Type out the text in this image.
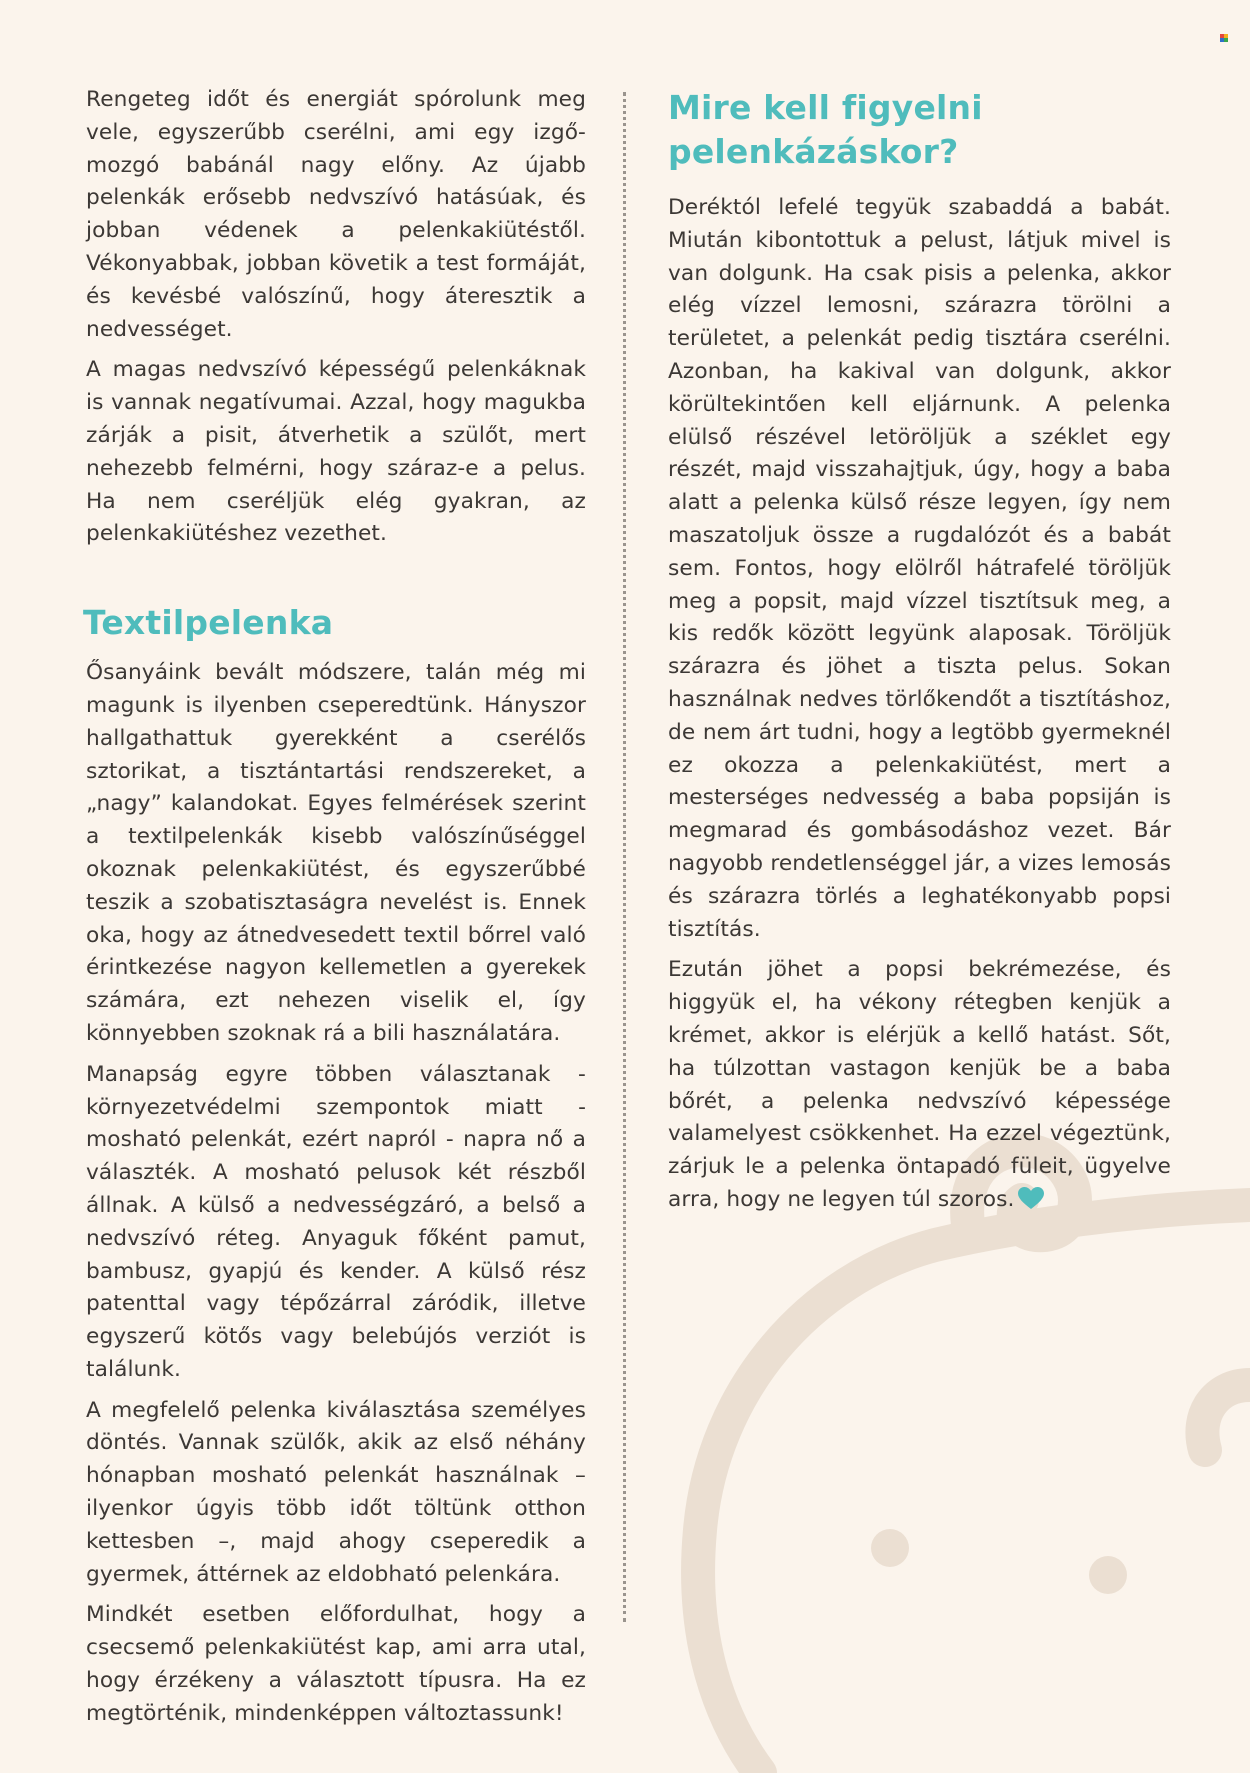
Rengeteg időt és energiát spórolunk meg vele, egyszerűbb cserélni, ami egy izgő-mozgó babánál nagy előny. Az újabb pelenkák erősebb nedvszívó hatásúak, és jobban védenek a pelenkakiütéstől. Vékonyabbak, jobban követik a test formáját, és kevésbé valószínű, hogy áteresztik a nedvességet.

A magas nedvszívó képességű pelenkáknak is vannak negatívumai. Azzal, hogy magukba zárják a pisit, átverhetik a szülőt, mert nehezebb felmérni, hogy száraz-e a pelus. Ha nem cseréljük elég gyakran, az pelenkakiütéshez vezethet.

Textilpelenka

Ősanyáink bevált módszere, talán még mi magunk is ilyenben cseperedtünk. Hányszor hallgathattuk gyerekként a cserélős sztorikat, a tisztántartási rendszereket, a „nagy” kalandokat. Egyes felmérések szerint a textilpelenkák kisebb valószínűséggel okoznak pelenkakiütést, és egyszerűbbé teszik a szobatisztaságra nevelést is. Ennek oka, hogy az átnedvesedett textil bőrrel való érintkezése nagyon kellemetlen a gyerekek számára, ezt nehezen viselik el, így könnyebben szoknak rá a bili használatára.

Manapság egyre többen választanak - környezetvédelmi szempontok miatt - mosható pelenkát, ezért napról - napra nő a választék. A mosható pelusok két részből állnak. A külső a nedvességzáró, a belső a nedvszívó réteg. Anyaguk főként pamut, bambusz, gyapjú és kender. A külső rész patenttal vagy tépőzárral záródik, illetve egyszerű kötős vagy belebújós verziót is találunk.

A megfelelő pelenka kiválasztása személyes döntés. Vannak szülők, akik az első néhány hónapban mosható pelenkát használnak – ilyenkor úgyis több időt töltünk otthon kettesben –, majd ahogy cseperedik a gyermek, áttérnek az eldobható pelenkára.

Mindkét esetben előfordulhat, hogy a csecsemő pelenkakiütést kap, ami arra utal, hogy érzékeny a választott típusra. Ha ez megtörténik, mindenképpen változtassunk!

Mire kell figyelni pelenkázáskor?

Deréktól lefelé tegyük szabaddá a babát. Miután kibontottuk a pelust, látjuk mivel is van dolgunk. Ha csak pisis a pelenka, akkor elég vízzel lemosni, szárazra törölni a területet, a pelenkát pedig tisztára cserélni. Azonban, ha kakival van dolgunk, akkor körültekintően kell eljárnunk. A pelenka elülső részével letöröljük a széklet egy részét, majd visszahajtjuk, úgy, hogy a baba alatt a pelenka külső része legyen, így nem maszatoljuk össze a rugdalózót és a babát sem. Fontos, hogy elölről hátrafelé töröljük meg a popsit, majd vízzel tisztítsuk meg, a kis redők között legyünk alaposak. Töröljük szárazra és jöhet a tiszta pelus. Sokan használnak nedves törlőkendőt a tisztításhoz, de nem árt tudni, hogy a legtöbb gyermeknél ez okozza a pelenkakiütést, mert a mesterséges nedvesség a baba popsiján is megmarad és gombásodáshoz vezet. Bár nagyobb rendetlenséggel jár, a vizes lemosás és szárazra törlés a leghatékonyabb popsi tisztítás.

Ezután jöhet a popsi bekrémezése, és higgyük el, ha vékony rétegben kenjük a krémet, akkor is elérjük a kellő hatást. Sőt, ha túlzottan vastagon kenjük be a baba bőrét, a pelenka nedvszívó képessége valamelyest csökkenhet. Ha ezzel végeztünk, zárjuk le a pelenka öntapadó füleit, ügyelve arra, hogy ne legyen túl szoros.
